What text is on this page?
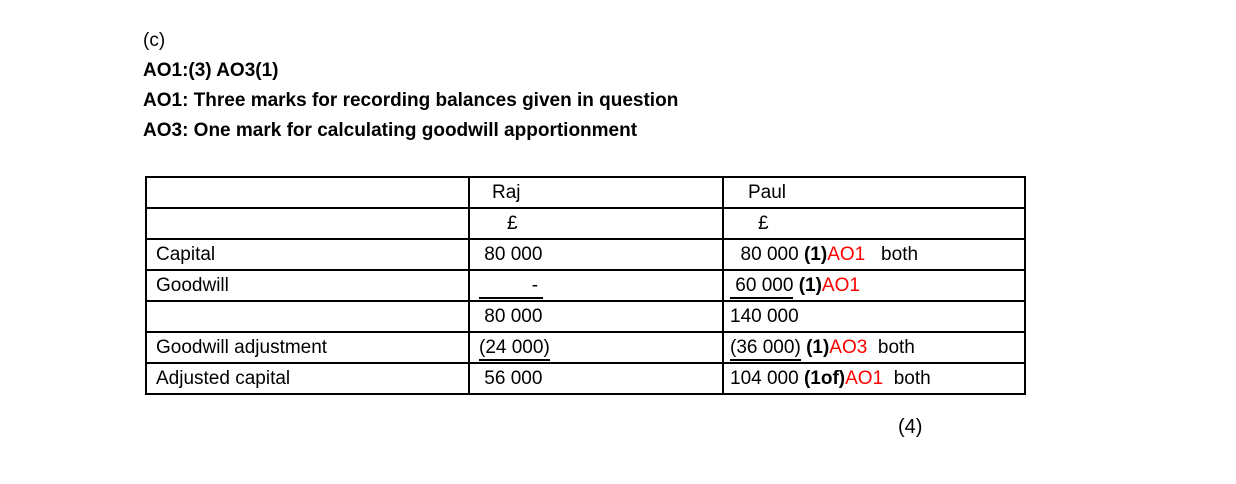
(c)
AO1:(3) AO3(1)
AO1: Three marks for recording balances given in question
AO3: One mark for calculating goodwill apportionment
	Raj	Paul
	£	£
Capital	80 000	80 000 (1)AO1   both
Goodwill	-	60 000 (1)AO1
	80 000	140 000
Goodwill adjustment	(24 000)	(36 000) (1)AO3  both
Adjusted capital	56 000	104 000 (1of)AO1  both
(4)
